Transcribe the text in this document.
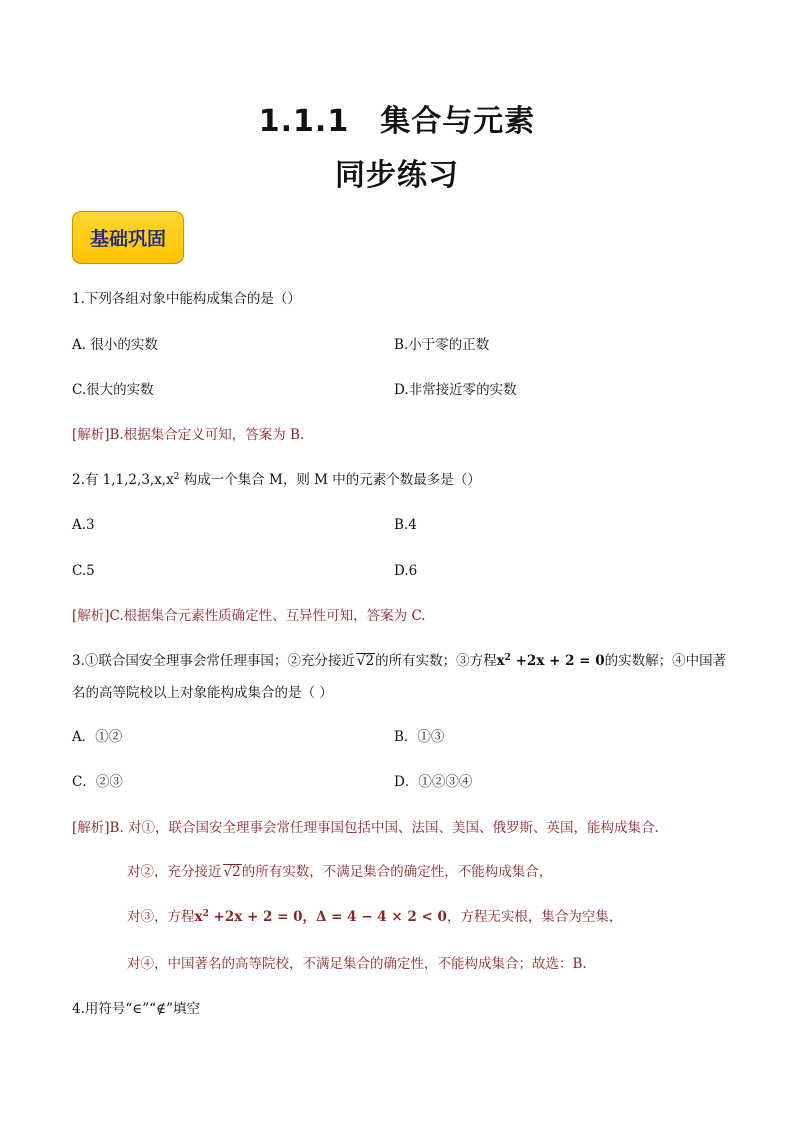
1.1.1　集合与元素
同步练习
基础巩固
1.下列各组对象中能构成集合的是（）
A. 很小的实数	B.小于零的正数
C.很大的实数	D.非常接近零的实数
[解析]B.根据集合定义可知，答案为 B.
2.有 $1,1,2,3,x,x^2$ 构成一个集合 M，则 M 中的元素个数最多是（）
A.3	B.4
C.5	D.6
[解析]C.根据集合元素性质确定性、互异性可知，答案为 C.
3.①联合国安全理事会常任理事国；②充分接近 √2的所有实数；③方程$x^2 +2x + 2 = 0$的实数解；④中国著
名的高等院校以上对象能构成集合的是（ ）
A．①②	B．①③
C．②③	D．①②③④
[解析]B. 对①，联合国安全理事会常任理事国包括中国、法国、美国、俄罗斯、英国，能构成集合.
对②，充分接近 √2的所有实数，不满足集合的确定性，不能构成集合，
对③，方程$x^2 +2x + 2 = 0$，Δ = 4 − 4 × 2 < 0，方程无实根，集合为空集，
对④，中国著名的高等院校，不满足集合的确定性，不能构成集合；故选：B.
4.用符号“∈”“∉”填空
